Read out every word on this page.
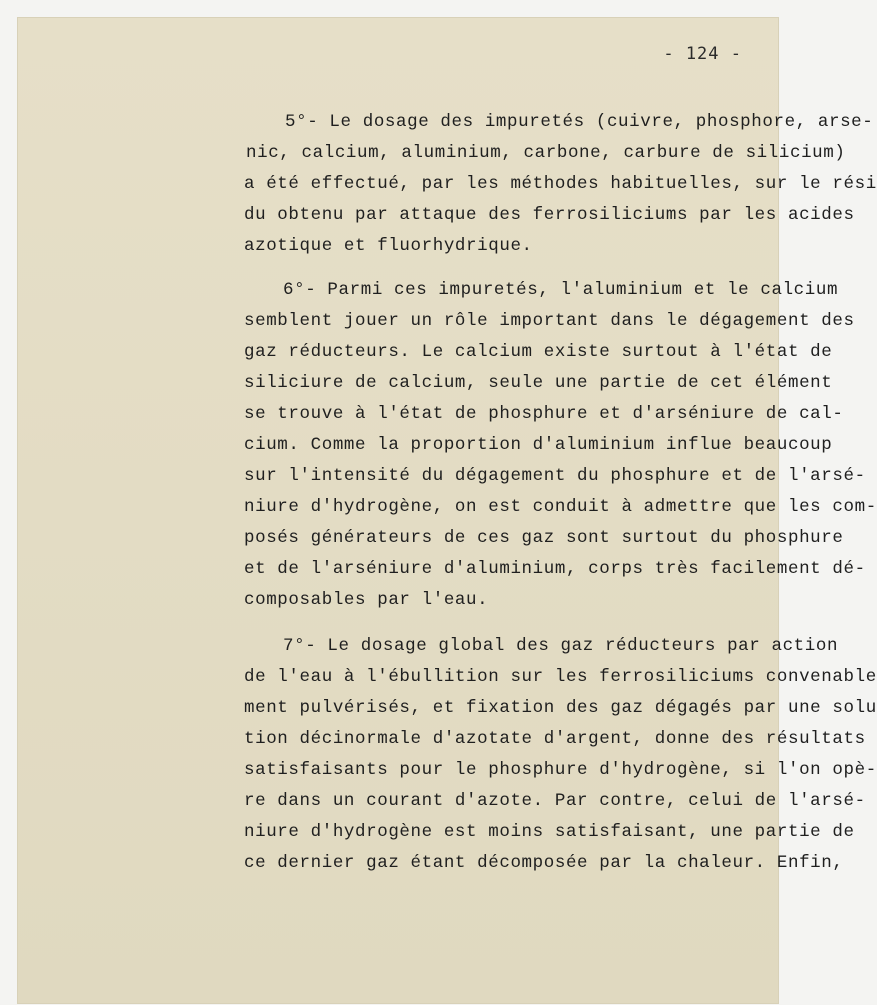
- 124 -
5°- Le dosage des impuretés (cuivre, phosphore, arse-
nic, calcium, aluminium, carbone, carbure de silicium)
a été effectué, par les méthodes habituelles, sur le rési
du obtenu par attaque des ferrosiliciums par les acides
azotique et fluorhydrique.
6°- Parmi ces impuretés, l'aluminium et le calcium
semblent jouer un rôle important dans le dégagement des
gaz réducteurs. Le calcium existe surtout à l'état de
siliciure de calcium, seule une partie de cet élément
se trouve à l'état de phosphure et d'arséniure de cal-
cium. Comme la proportion d'aluminium influe beaucoup
sur l'intensité du dégagement du phosphure et de l'arsé-
niure d'hydrogène, on est conduit à admettre que les com-
posés générateurs de ces gaz sont surtout du phosphure
et de l'arséniure d'aluminium, corps très facilement dé-
composables par l'eau.
7°- Le dosage global des gaz réducteurs par action
de l'eau à l'ébullition sur les ferrosiliciums convenable
ment pulvérisés, et fixation des gaz dégagés par une solu
tion décinormale d'azotate d'argent, donne des résultats
satisfaisants pour le phosphure d'hydrogène, si l'on opè-
re dans un courant d'azote. Par contre, celui de l'arsé-
niure d'hydrogène est moins satisfaisant, une partie de
ce dernier gaz étant décomposée par la chaleur. Enfin,
